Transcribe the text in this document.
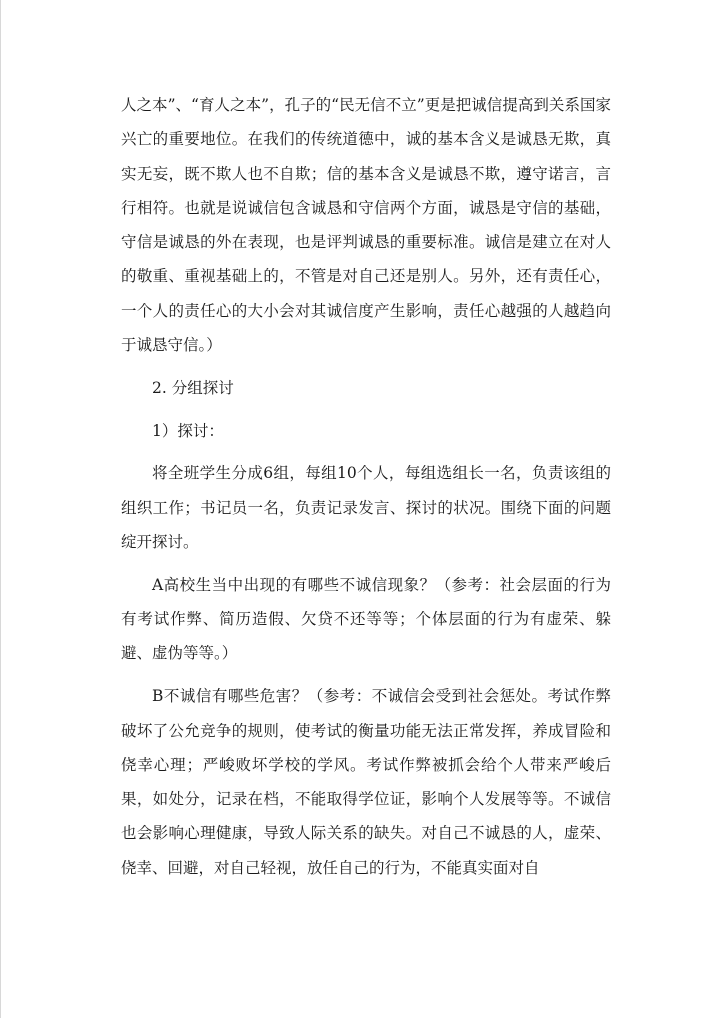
人之本”、“育人之本”，孔子的“民无信不立”更是把诚信提高到关系国家兴亡的重要地位。在我们的传统道德中，诚的基本含义是诚恳无欺，真实无妄，既不欺人也不自欺；信的基本含义是诚恳不欺，遵守诺言，言行相符。也就是说诚信包含诚恳和守信两个方面，诚恳是守信的基础，守信是诚恳的外在表现，也是评判诚恳的重要标准。诚信是建立在对人的敬重、重视基础上的，不管是对自己还是别人。另外，还有责任心，一个人的责任心的大小会对其诚信度产生影响，责任心越强的人越趋向于诚恳守信。）

2. 分组探讨

1）探讨：

将全班学生分成6组，每组10个人，每组选组长一名，负责该组的组织工作；书记员一名，负责记录发言、探讨的状况。围绕下面的问题绽开探讨。

A高校生当中出现的有哪些不诚信现象？（参考：社会层面的行为有考试作弊、简历造假、欠贷不还等等；个体层面的行为有虚荣、躲避、虚伪等等。）

B不诚信有哪些危害？（参考：不诚信会受到社会惩处。考试作弊破坏了公允竞争的规则，使考试的衡量功能无法正常发挥，养成冒险和侥幸心理；严峻败坏学校的学风。考试作弊被抓会给个人带来严峻后果，如处分，记录在档，不能取得学位证，影响个人发展等等。不诚信也会影响心理健康，导致人际关系的缺失。对自己不诚恳的人，虚荣、侥幸、回避，对自己轻视，放任自己的行为，不能真实面对自
